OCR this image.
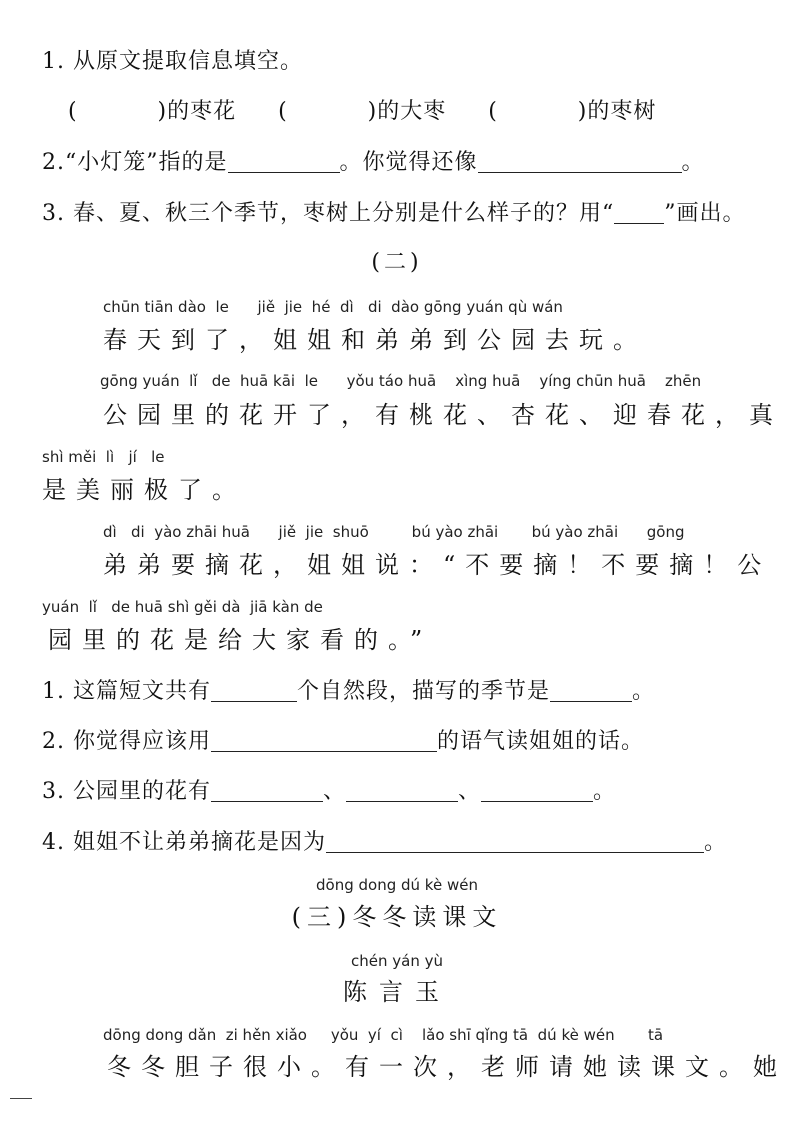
1. 从原文提取信息填空。
(          )的枣花 (          )的大枣 (          )的枣树
2.“小灯笼”指的是	。你觉得还像	。
3. 春、夏、秋三个季节，枣树上分别是什么样子的？用“ ”画出。
(二)
chūn tiān dào  le      jiě  jie  hé  dì   di  dào gōng yuán qù wán
春天到了，姐姐和弟弟到公园去玩。
gōng yuán  lǐ   de  huā kāi  le      yǒu táo huā    xìng huā    yíng chūn huā    zhēn
公园里的花开了，有桃花、杏花、迎春花，真
shì měi  lì   jí   le
是美丽极了。
dì   di  yào zhāi huā      jiě  jie  shuō         bú yào zhāi       bú yào zhāi      gōng
弟弟要摘花，姐姐说：“不要摘！不要摘！公
yuán  lǐ   de huā shì gěi dà  jiā kàn de
园里的花是给大家看的。”
1. 这篇短文共有	个自然段，描写的季节是	。
2. 你觉得应该用	的语气读姐姐的话。
3. 公园里的花有	、	、	。
4. 姐姐不让弟弟摘花是因为	。
dōng dong dú kè wén
(三)冬冬读课文
chén yán yù
陈言玉
dōng dong dǎn  zi hěn xiǎo     yǒu  yí  cì    lǎo shī qǐng tā  dú kè wén       tā
冬冬胆子很小。有一次，老师请她读课文。她
